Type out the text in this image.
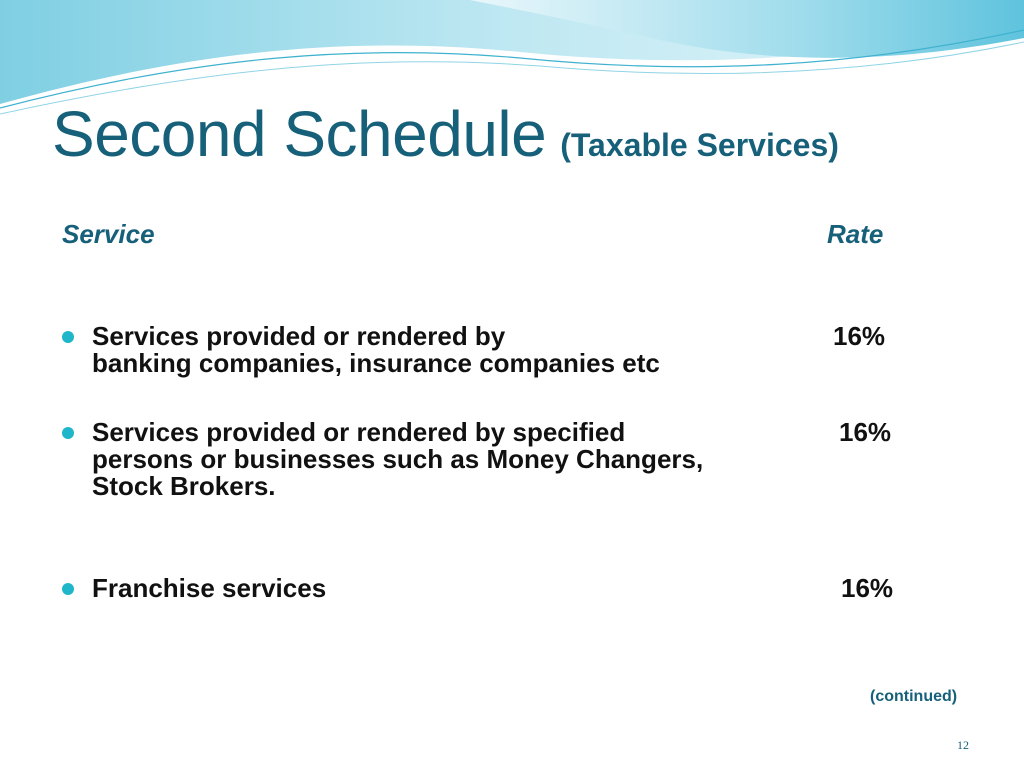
Second Schedule (Taxable Services)
Service	Rate
Services provided or rendered by
banking companies, insurance companies etc
16%
Services provided or rendered by specified
persons or businesses such as Money Changers,
Stock Brokers.
16%
Franchise services	16%
(continued)
12
